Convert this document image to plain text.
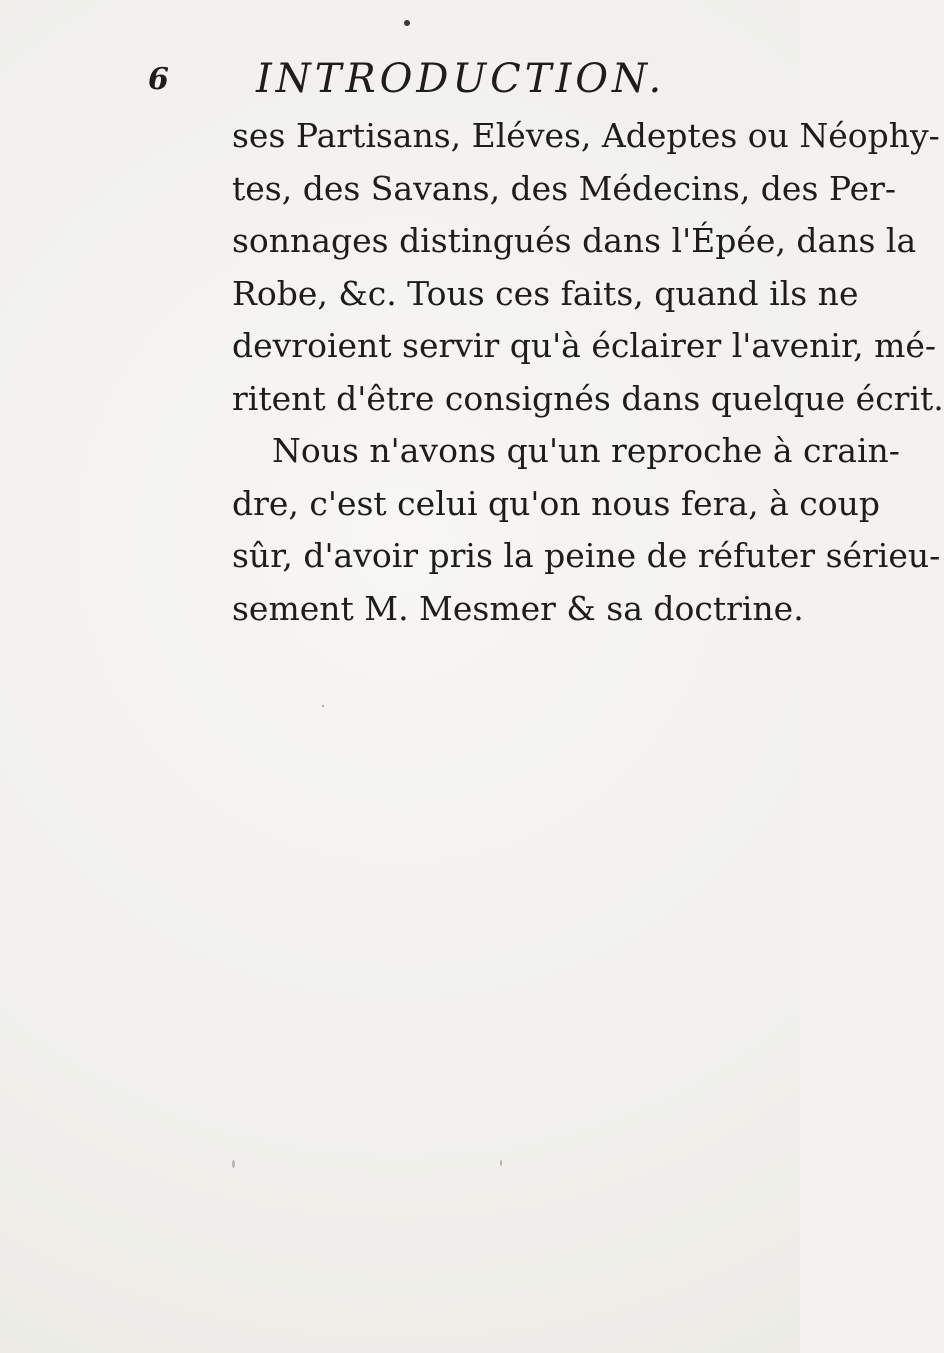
6 INTRODUCTION.
ses Partisans, Eléves, Adeptes ou Néophy-
tes, des Savans, des Médecins, des Per-
sonnages distingués dans l'Épée, dans la
Robe, &c. Tous ces faits, quand ils ne
devroient servir qu'à éclairer l'avenir, mé-
ritent d'être consignés dans quelque écrit.
Nous n'avons qu'un reproche à crain-
dre, c'est celui qu'on nous fera, à coup
sûr, d'avoir pris la peine de réfuter sérieu-
sement M. Mesmer & sa doctrine.
